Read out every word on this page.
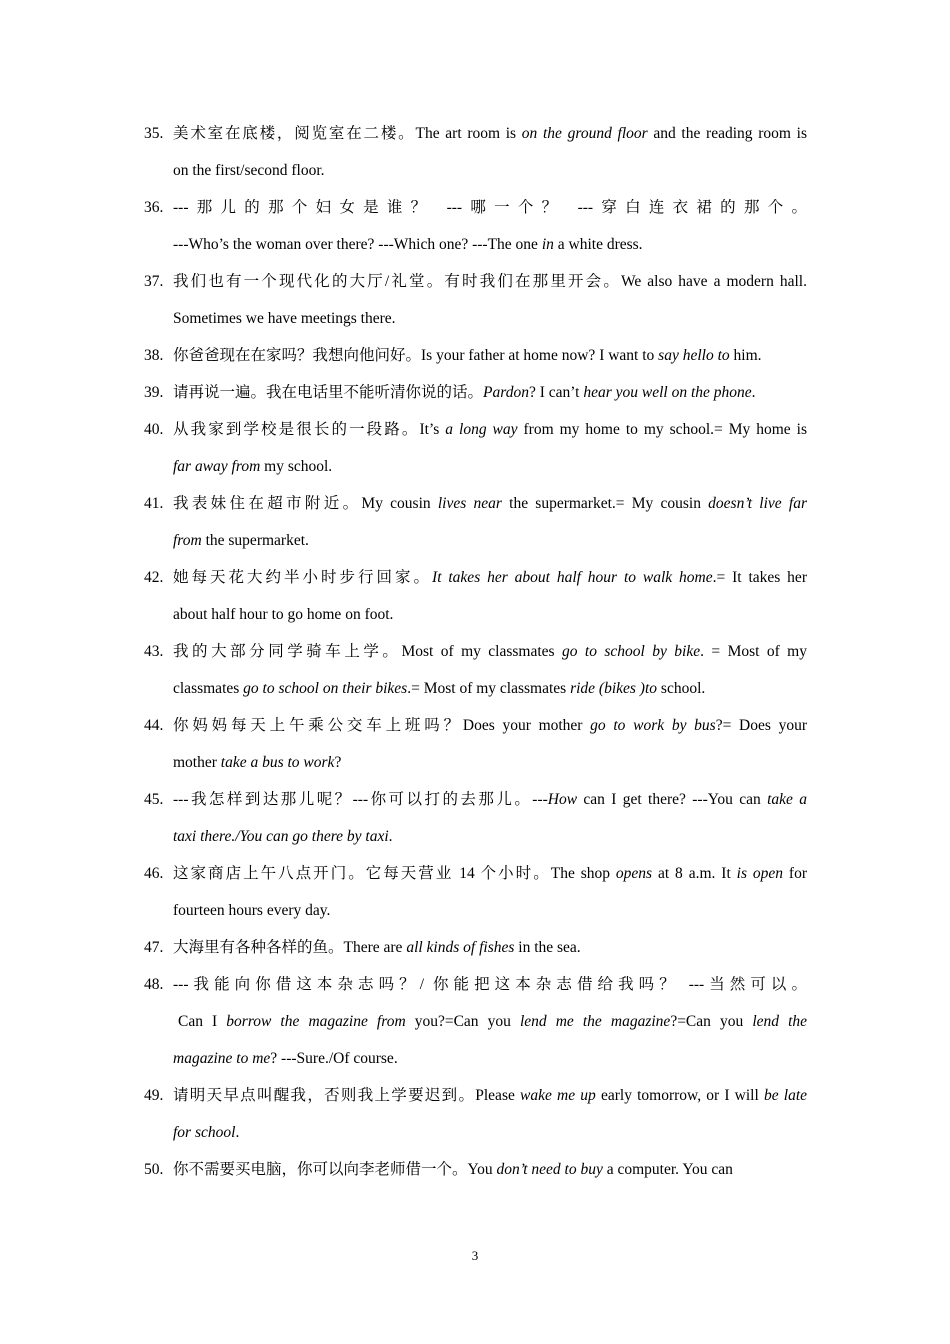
35. 美术室在底楼，阅览室在二楼。The art room is on the ground floor and the reading room is
on the first/second floor.
36. ---那儿的那个妇女是谁？ ---哪一个？ ---穿白连衣裙的那个。
---Who’s the woman over there? ---Which one? ---The one in a white dress.
37. 我们也有一个现代化的大厅/礼堂。有时我们在那里开会。We also have a modern hall.
Sometimes we have meetings there.
38. 你爸爸现在在家吗？我想向他问好。Is your father at home now? I want to say hello to him.
39. 请再说一遍。我在电话里不能听清你说的话。Pardon? I can’t hear you well on the phone.
40. 从我家到学校是很长的一段路。It’s a long way from my home to my school.= My home is
far away from my school.
41. 我表妹住在超市附近。My cousin lives near the supermarket.= My cousin doesn’t live far
from the supermarket.
42. 她每天花大约半小时步行回家。It takes her about half hour to walk home.= It takes her
about half hour to go home on foot.
43. 我的大部分同学骑车上学。Most of my classmates go to school by bike. = Most of my
classmates go to school on their bikes.= Most of my classmates ride (bikes )to school.
44. 你妈妈每天上午乘公交车上班吗？Does your mother go to work by bus?= Does your
mother take a bus to work?
45. ---我怎样到达那儿呢？---你可以打的去那儿。---How can I get there? ---You can take a
taxi there./You can go there by taxi.
46. 这家商店上午八点开门。它每天营业 14 个小时。The shop opens at 8 a.m. It is open for
fourteen hours every day.
47. 大海里有各种各样的鱼。There are all kinds of fishes in the sea.
48. ---我能向你借这本杂志吗？/ 你能把这本杂志借给我吗？ ---当然可以。
Can I borrow the magazine from you?=Can you lend me the magazine?=Can you lend the
magazine to me? ---Sure./Of course.
49. 请明天早点叫醒我，否则我上学要迟到。Please wake me up early tomorrow, or I will be late
for school.
50. 你不需要买电脑，你可以向李老师借一个。You don’t need to buy a computer. You can
3
